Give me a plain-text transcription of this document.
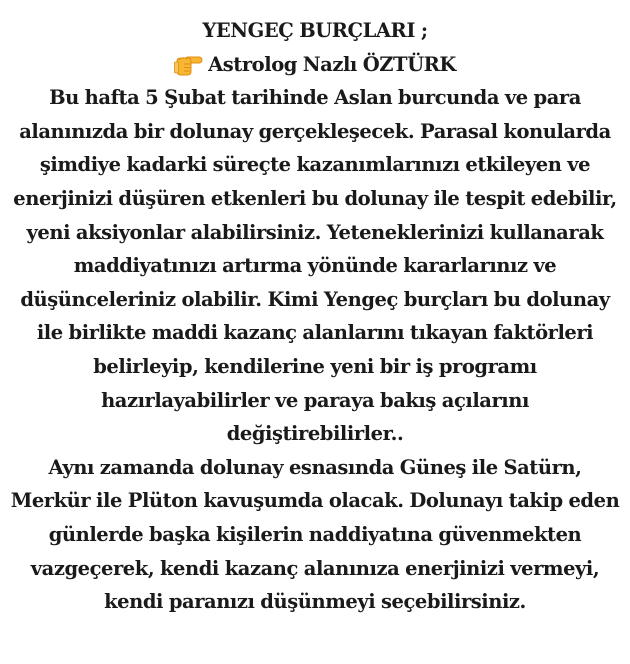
YENGEÇ BURÇLARI ;
Astrolog Nazlı ÖZTÜRK
Bu hafta 5 Şubat tarihinde Aslan burcunda ve para
alanınızda bir dolunay gerçekleşecek. Parasal konularda
şimdiye kadarki süreçte kazanımlarınızı etkileyen ve
enerjinizi düşüren etkenleri bu dolunay ile tespit edebilir,
yeni aksiyonlar alabilirsiniz. Yeteneklerinizi kullanarak
maddiyatınızı artırma yönünde kararlarınız ve
düşünceleriniz olabilir. Kimi Yengeç burçları bu dolunay
ile birlikte maddi kazanç alanlarını tıkayan faktörleri
belirleyip, kendilerine yeni bir iş programı
hazırlayabilirler ve paraya bakış açılarını
değiştirebilirler..
Aynı zamanda dolunay esnasında Güneş ile Satürn,
Merkür ile Plüton kavuşumda olacak. Dolunayı takip eden
günlerde başka kişilerin naddiyatına güvenmekten
vazgeçerek, kendi kazanç alanınıza enerjinizi vermeyi,
kendi paranızı düşünmeyi seçebilirsiniz.
